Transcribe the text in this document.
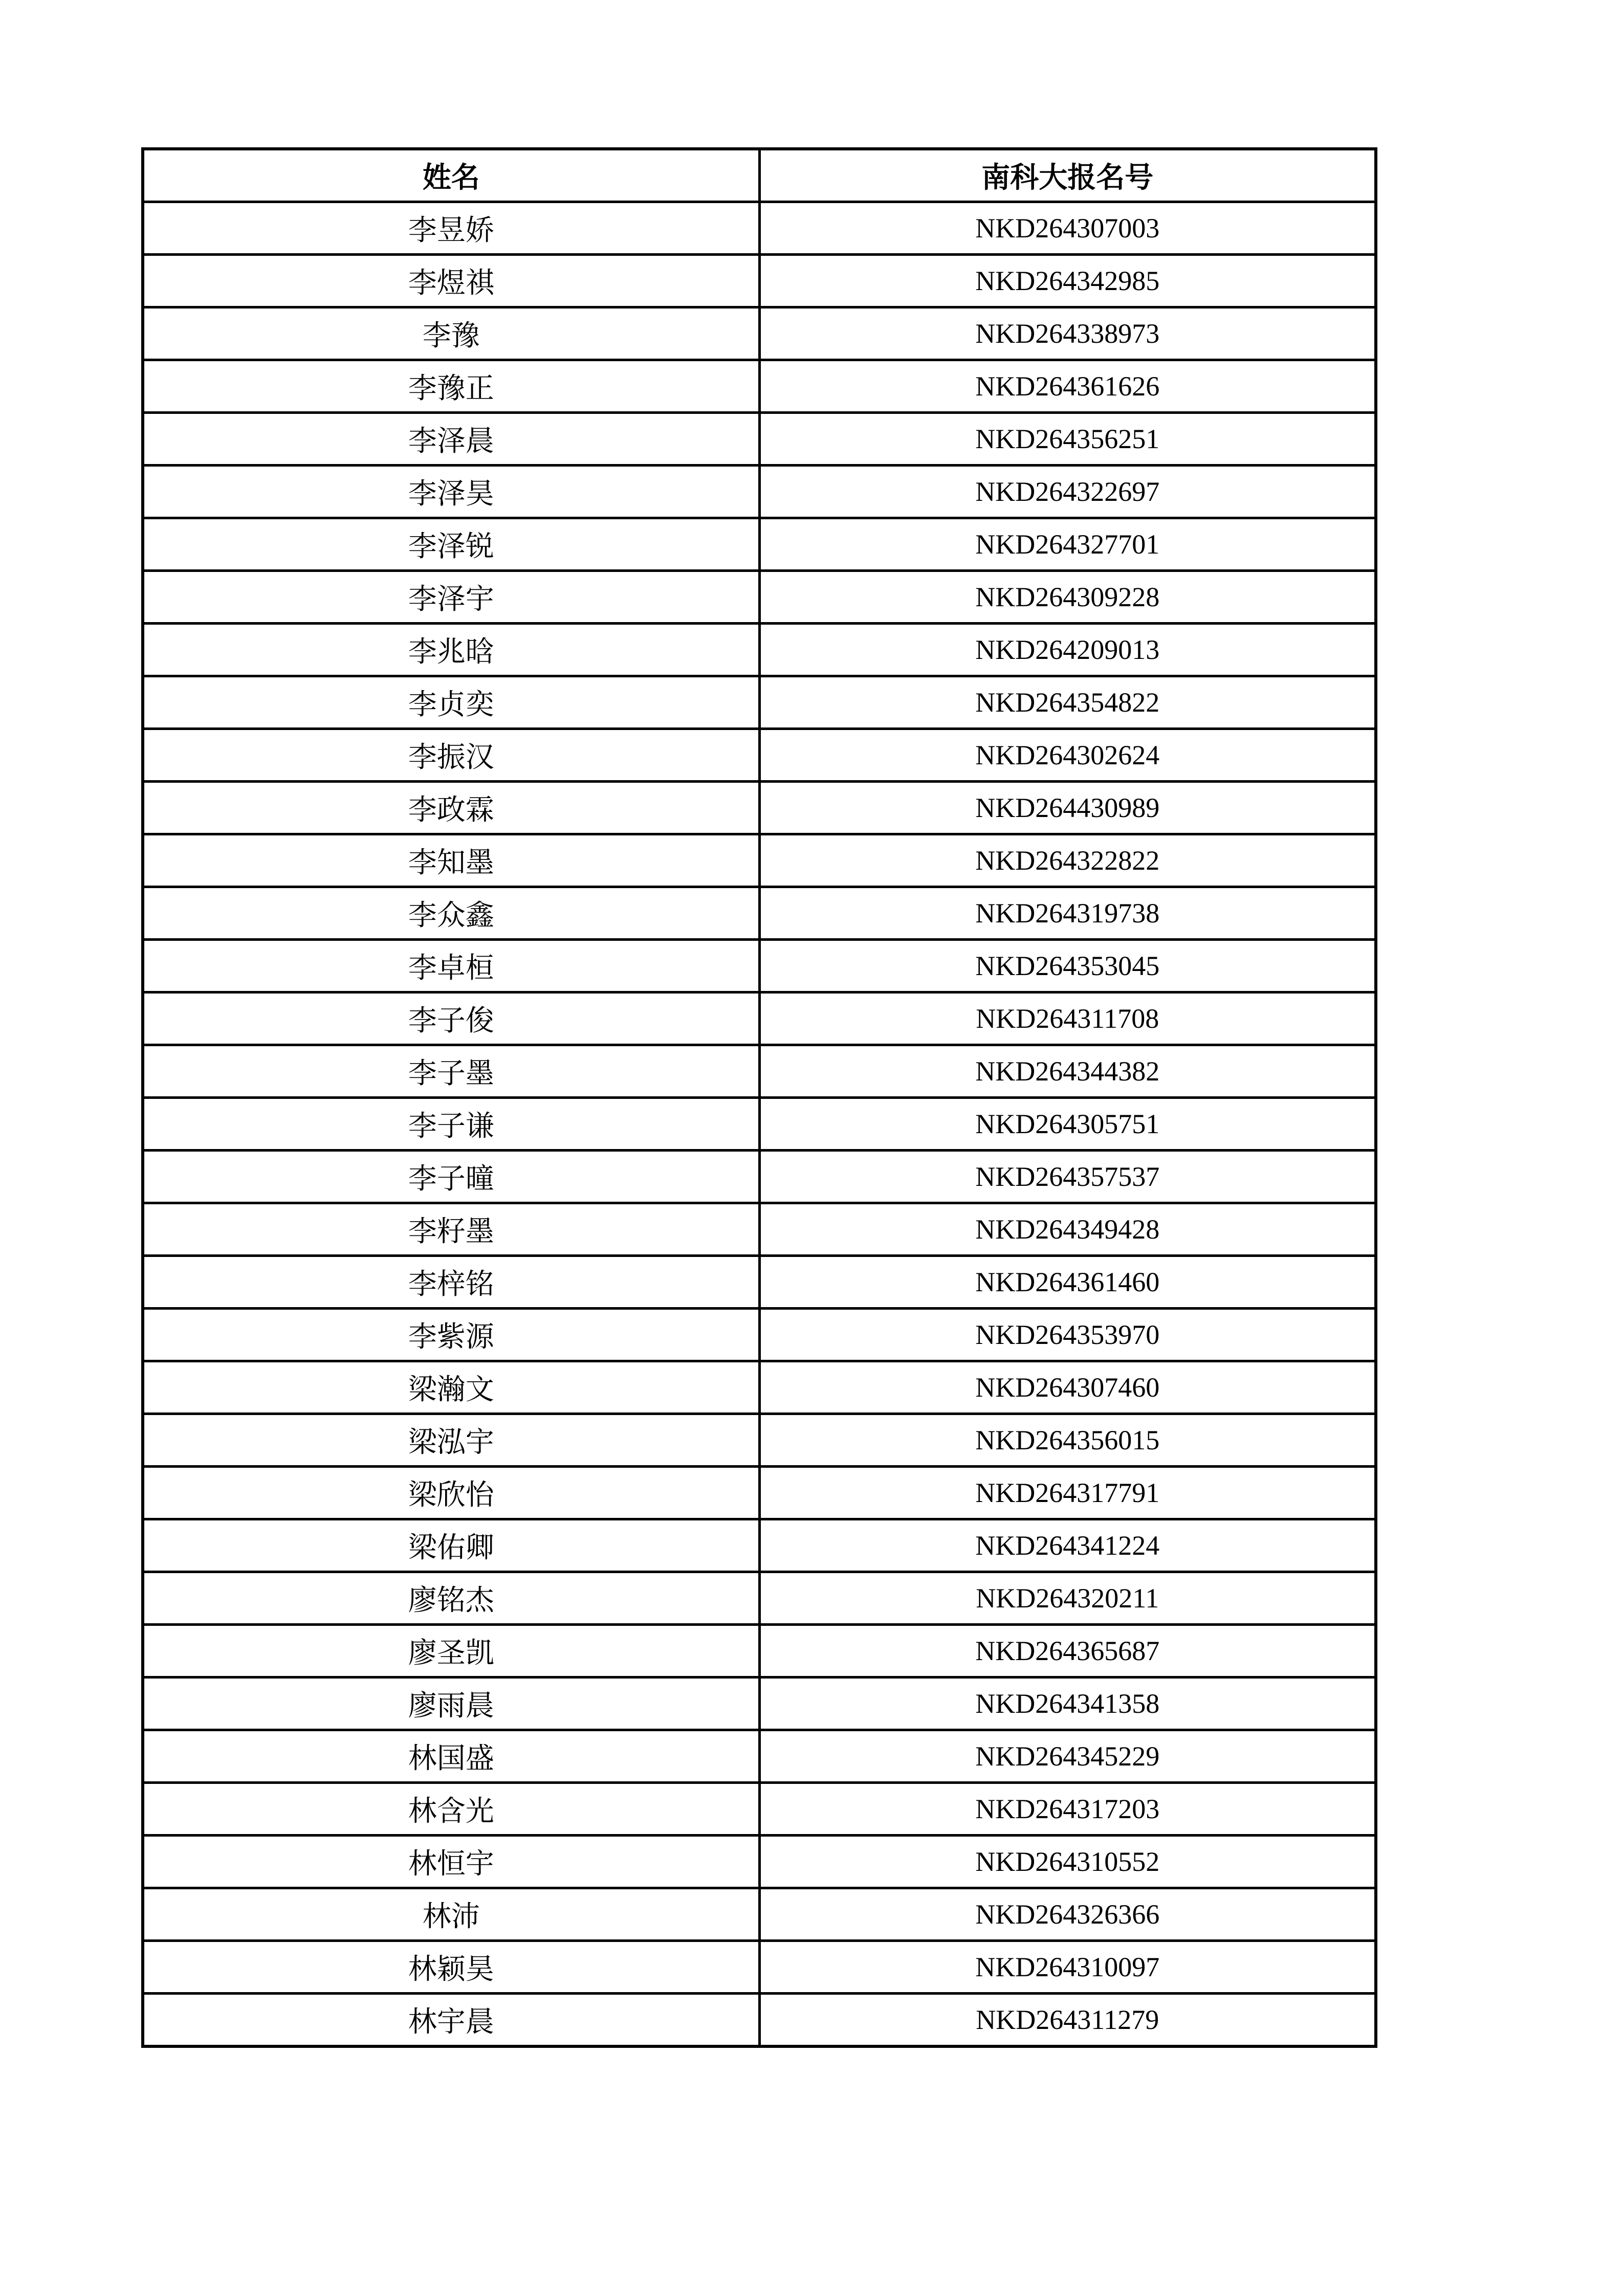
姓名	南科大报名号
李昱娇	NKD264307003
李煜祺	NKD264342985
李豫	NKD264338973
李豫正	NKD264361626
李泽晨	NKD264356251
李泽昊	NKD264322697
李泽锐	NKD264327701
李泽宇	NKD264309228
李兆晗	NKD264209013
李贞奕	NKD264354822
李振汉	NKD264302624
李政霖	NKD264430989
李知墨	NKD264322822
李众鑫	NKD264319738
李卓桓	NKD264353045
李子俊	NKD264311708
李子墨	NKD264344382
李子谦	NKD264305751
李子曈	NKD264357537
李籽墨	NKD264349428
李梓铭	NKD264361460
李紫源	NKD264353970
梁瀚文	NKD264307460
梁泓宇	NKD264356015
梁欣怡	NKD264317791
梁佑卿	NKD264341224
廖铭杰	NKD264320211
廖圣凯	NKD264365687
廖雨晨	NKD264341358
林国盛	NKD264345229
林含光	NKD264317203
林恒宇	NKD264310552
林沛	NKD264326366
林颖昊	NKD264310097
林宇晨	NKD264311279
